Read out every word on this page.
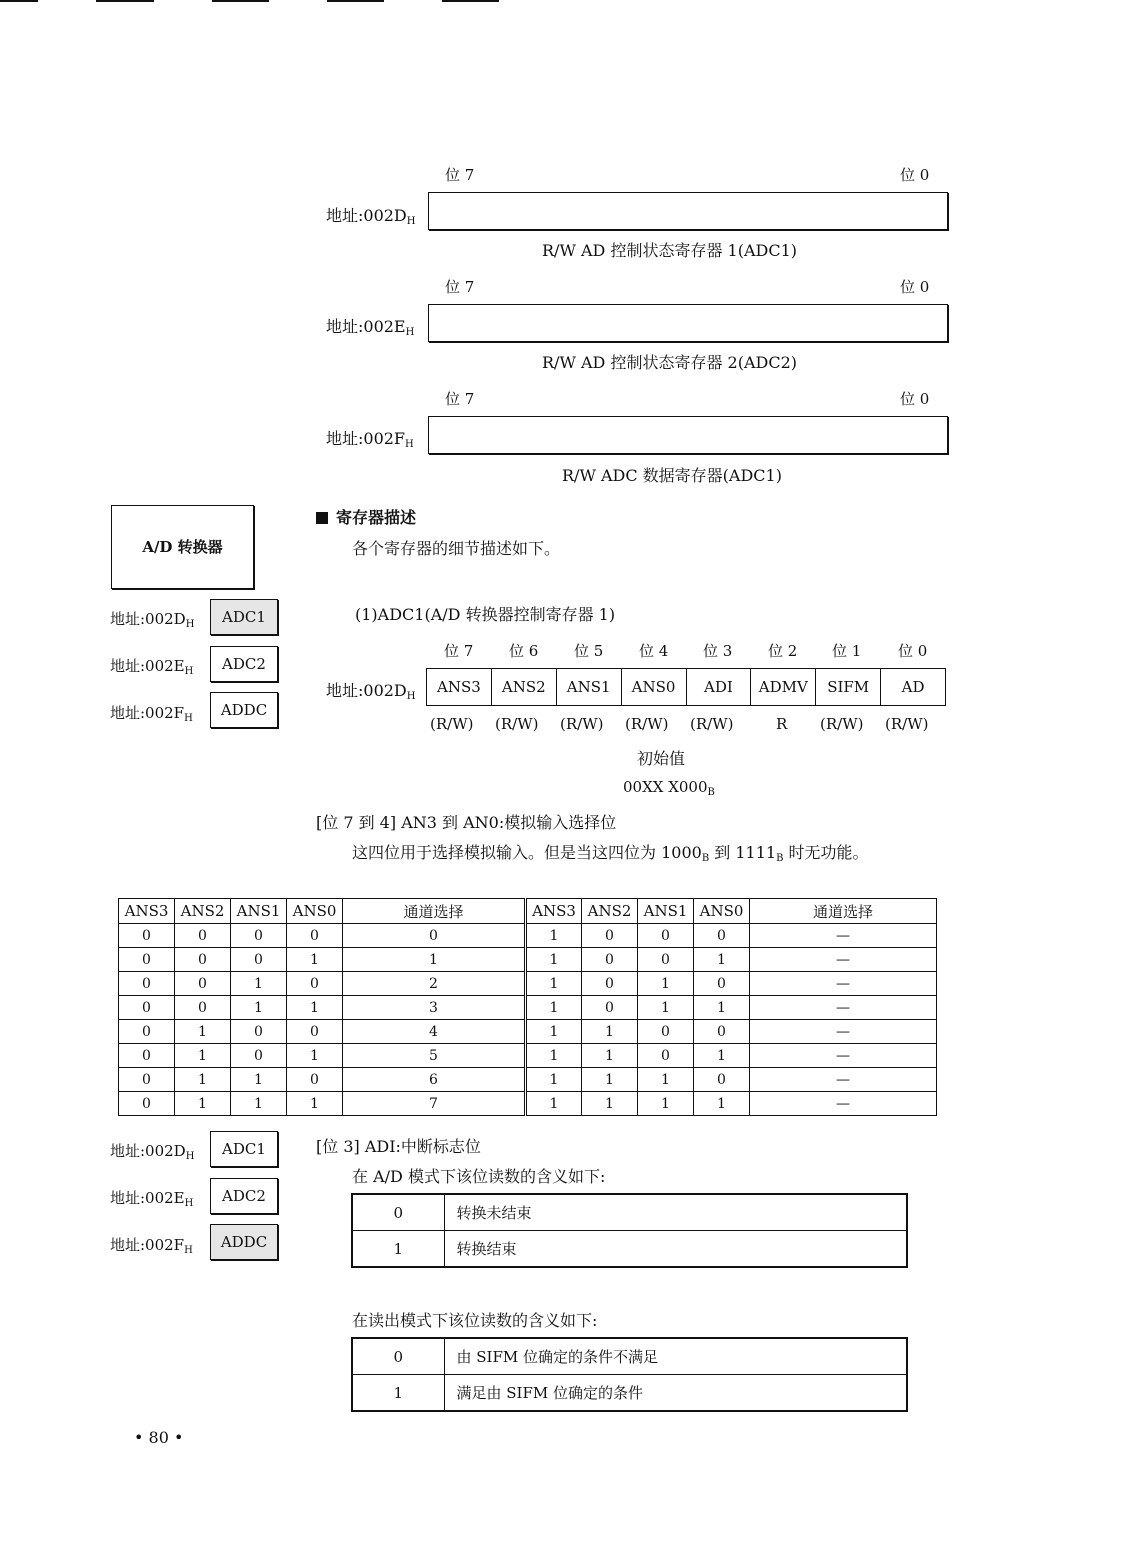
位 7	位 0
地址$:002D_H$
R/W AD 控制状态寄存器 1(ADC1)
位 7	位 0
地址$:002E_H$
R/W AD 控制状态寄存器 2(ADC2)
位 7	位 0
地址$:002F_H$
R/W ADC 数据寄存器(ADC1)
A/D 转换器
地址$:002D_H$	ADC1
地址$:002E_H$	ADC2
地址$:002F_H$	ADDC
寄存器描述
各个寄存器的细节描述如下。
(1)ADC1(A/D 转换器控制寄存器 1)
位 7 位 6 位 5 位 4 位 3 位 2 位 1 位 0
地址$:002D_H$
ANS3	ANS2	ANS1	ANS0	ADI	ADMV	SIFM	AD
(R/W) (R/W) (R/W) (R/W) (R/W)	R (R/W) (R/W)
初始值
00XX $X000_B$
[位 7 到 4] AN3 到 AN0:模拟输入选择位
这四位用于选择模拟输入。但是当这四位为 $1000_B$ 到 $1111_B$ 时无功能。
ANS3	ANS2	ANS1	ANS0	通道选择	ANS3	ANS2	ANS1	ANS0	通道选择
0	0	0	0	0	1	0	0	0	—
0	0	0	1	1	1	0	0	1	—
0	0	1	0	2	1	0	1	0	—
0	0	1	1	3	1	0	1	1	—
0	1	0	0	4	1	1	0	0	—
0	1	0	1	5	1	1	0	1	—
0	1	1	0	6	1	1	1	0	—
0	1	1	1	7	1	1	1	1	—
地址$:002D_H$	ADC1
地址$:002E_H$	ADC2
地址$:002F_H$	ADDC
[位 3] ADI:中断标志位
在 A/D 模式下该位读数的含义如下:
0	转换未结束
1	转换结束
在读出模式下该位读数的含义如下:
0	由 SIFM 位确定的条件不满足
1	满足由 SIFM 位确定的条件
• 80 •
